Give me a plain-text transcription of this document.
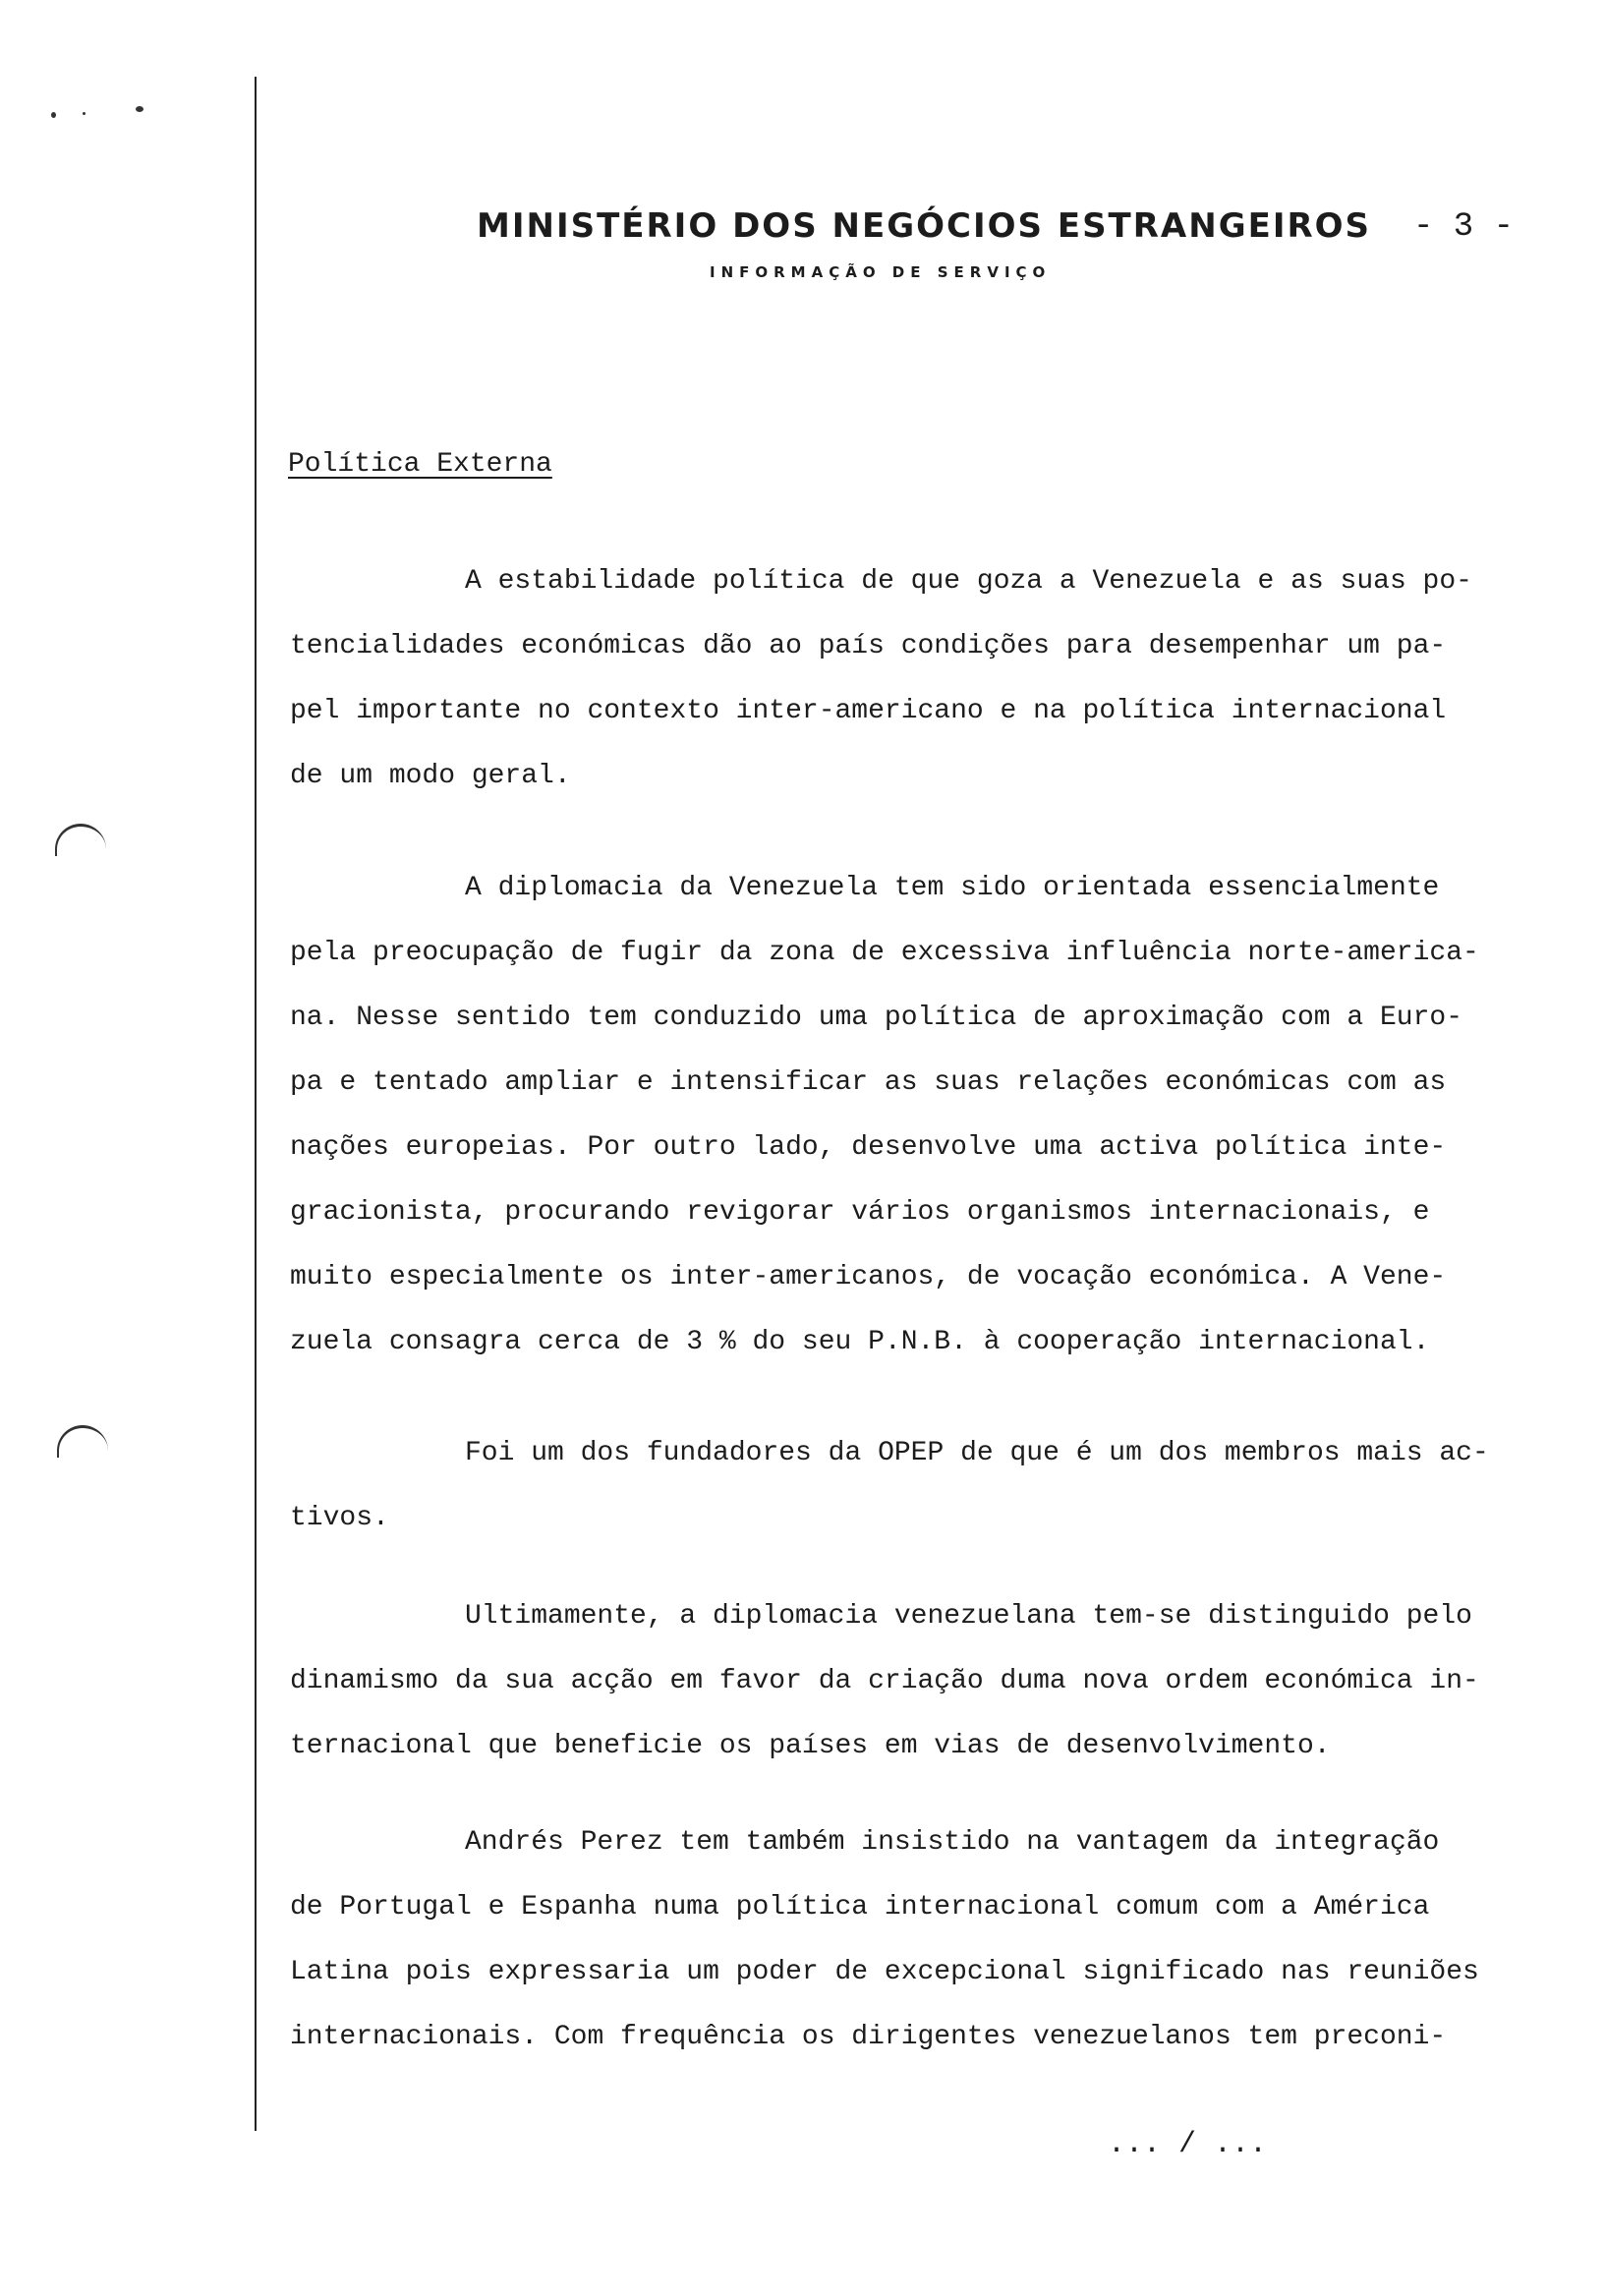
MINISTÉRIO DOS NEGÓCIOS ESTRANGEIROS - 3 -
INFORMAÇÃO DE SERVIÇO
Política Externa
A estabilidade política de que goza a Venezuela e as suas po-
tencialidades económicas dão ao país condições para desempenhar um pa-
pel importante no contexto inter-americano e na política internacional
de um modo geral.
A diplomacia da Venezuela tem sido orientada essencialmente
pela preocupação de fugir da zona de excessiva influência norte-america-
na. Nesse sentido tem conduzido uma política de aproximação com a Euro-
pa e tentado ampliar e intensificar as suas relações económicas com as
nações europeias. Por outro lado, desenvolve uma activa política inte-
gracionista, procurando revigorar vários organismos internacionais, e
muito especialmente os inter-americanos, de vocação económica. A Vene-
zuela consagra cerca de 3 % do seu P.N.B. à cooperação internacional.
Foi um dos fundadores da OPEP de que é um dos membros mais ac-
tivos.
Ultimamente, a diplomacia venezuelana tem-se distinguido pelo
dinamismo da sua acção em favor da criação duma nova ordem económica in-
ternacional que beneficie os países em vias de desenvolvimento.
Andrés Perez tem também insistido na vantagem da integração
de Portugal e Espanha numa política internacional comum com a América
Latina pois expressaria um poder de excepcional significado nas reuniões
internacionais. Com frequência os dirigentes venezuelanos tem preconi-
... / ...
